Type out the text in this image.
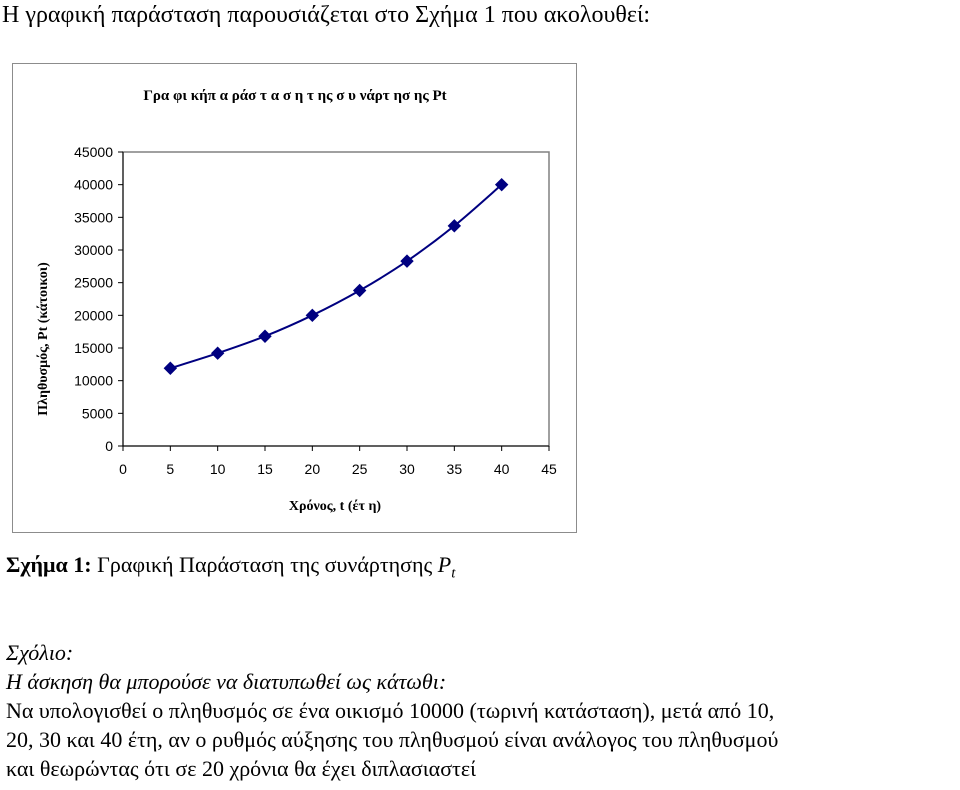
Η γραφική παράσταση παρουσιάζεται στο Σχήμα 1 που ακολουθεί:
Γρα φι κήπ α ράσ τ α σ η τ ης σ υ νάρτ ησ ης Pt
Πληθυσμός, Pt (κάτοικοι)
Χρόνος, t (έτ η)
0
5000
10000
15000
20000
25000
30000
35000
40000
45000
0	5	10 15 20 25 30 35 40 45
Σχήμα 1: Γραφική Παράσταση της συνάρτησης $P_t$
Σχόλιο:
Η άσκηση θα μπορούσε να διατυπωθεί ως κάτωθι:
Να υπολογισθεί ο πληθυσμός σε ένα οικισμό 10000 (τωρινή κατάσταση), μετά από 10,
20, 30 και 40 έτη, αν ο ρυθμός αύξησης του πληθυσμού είναι ανάλογος του πληθυσμού
και θεωρώντας ότι σε 20 χρόνια θα έχει διπλασιαστεί
